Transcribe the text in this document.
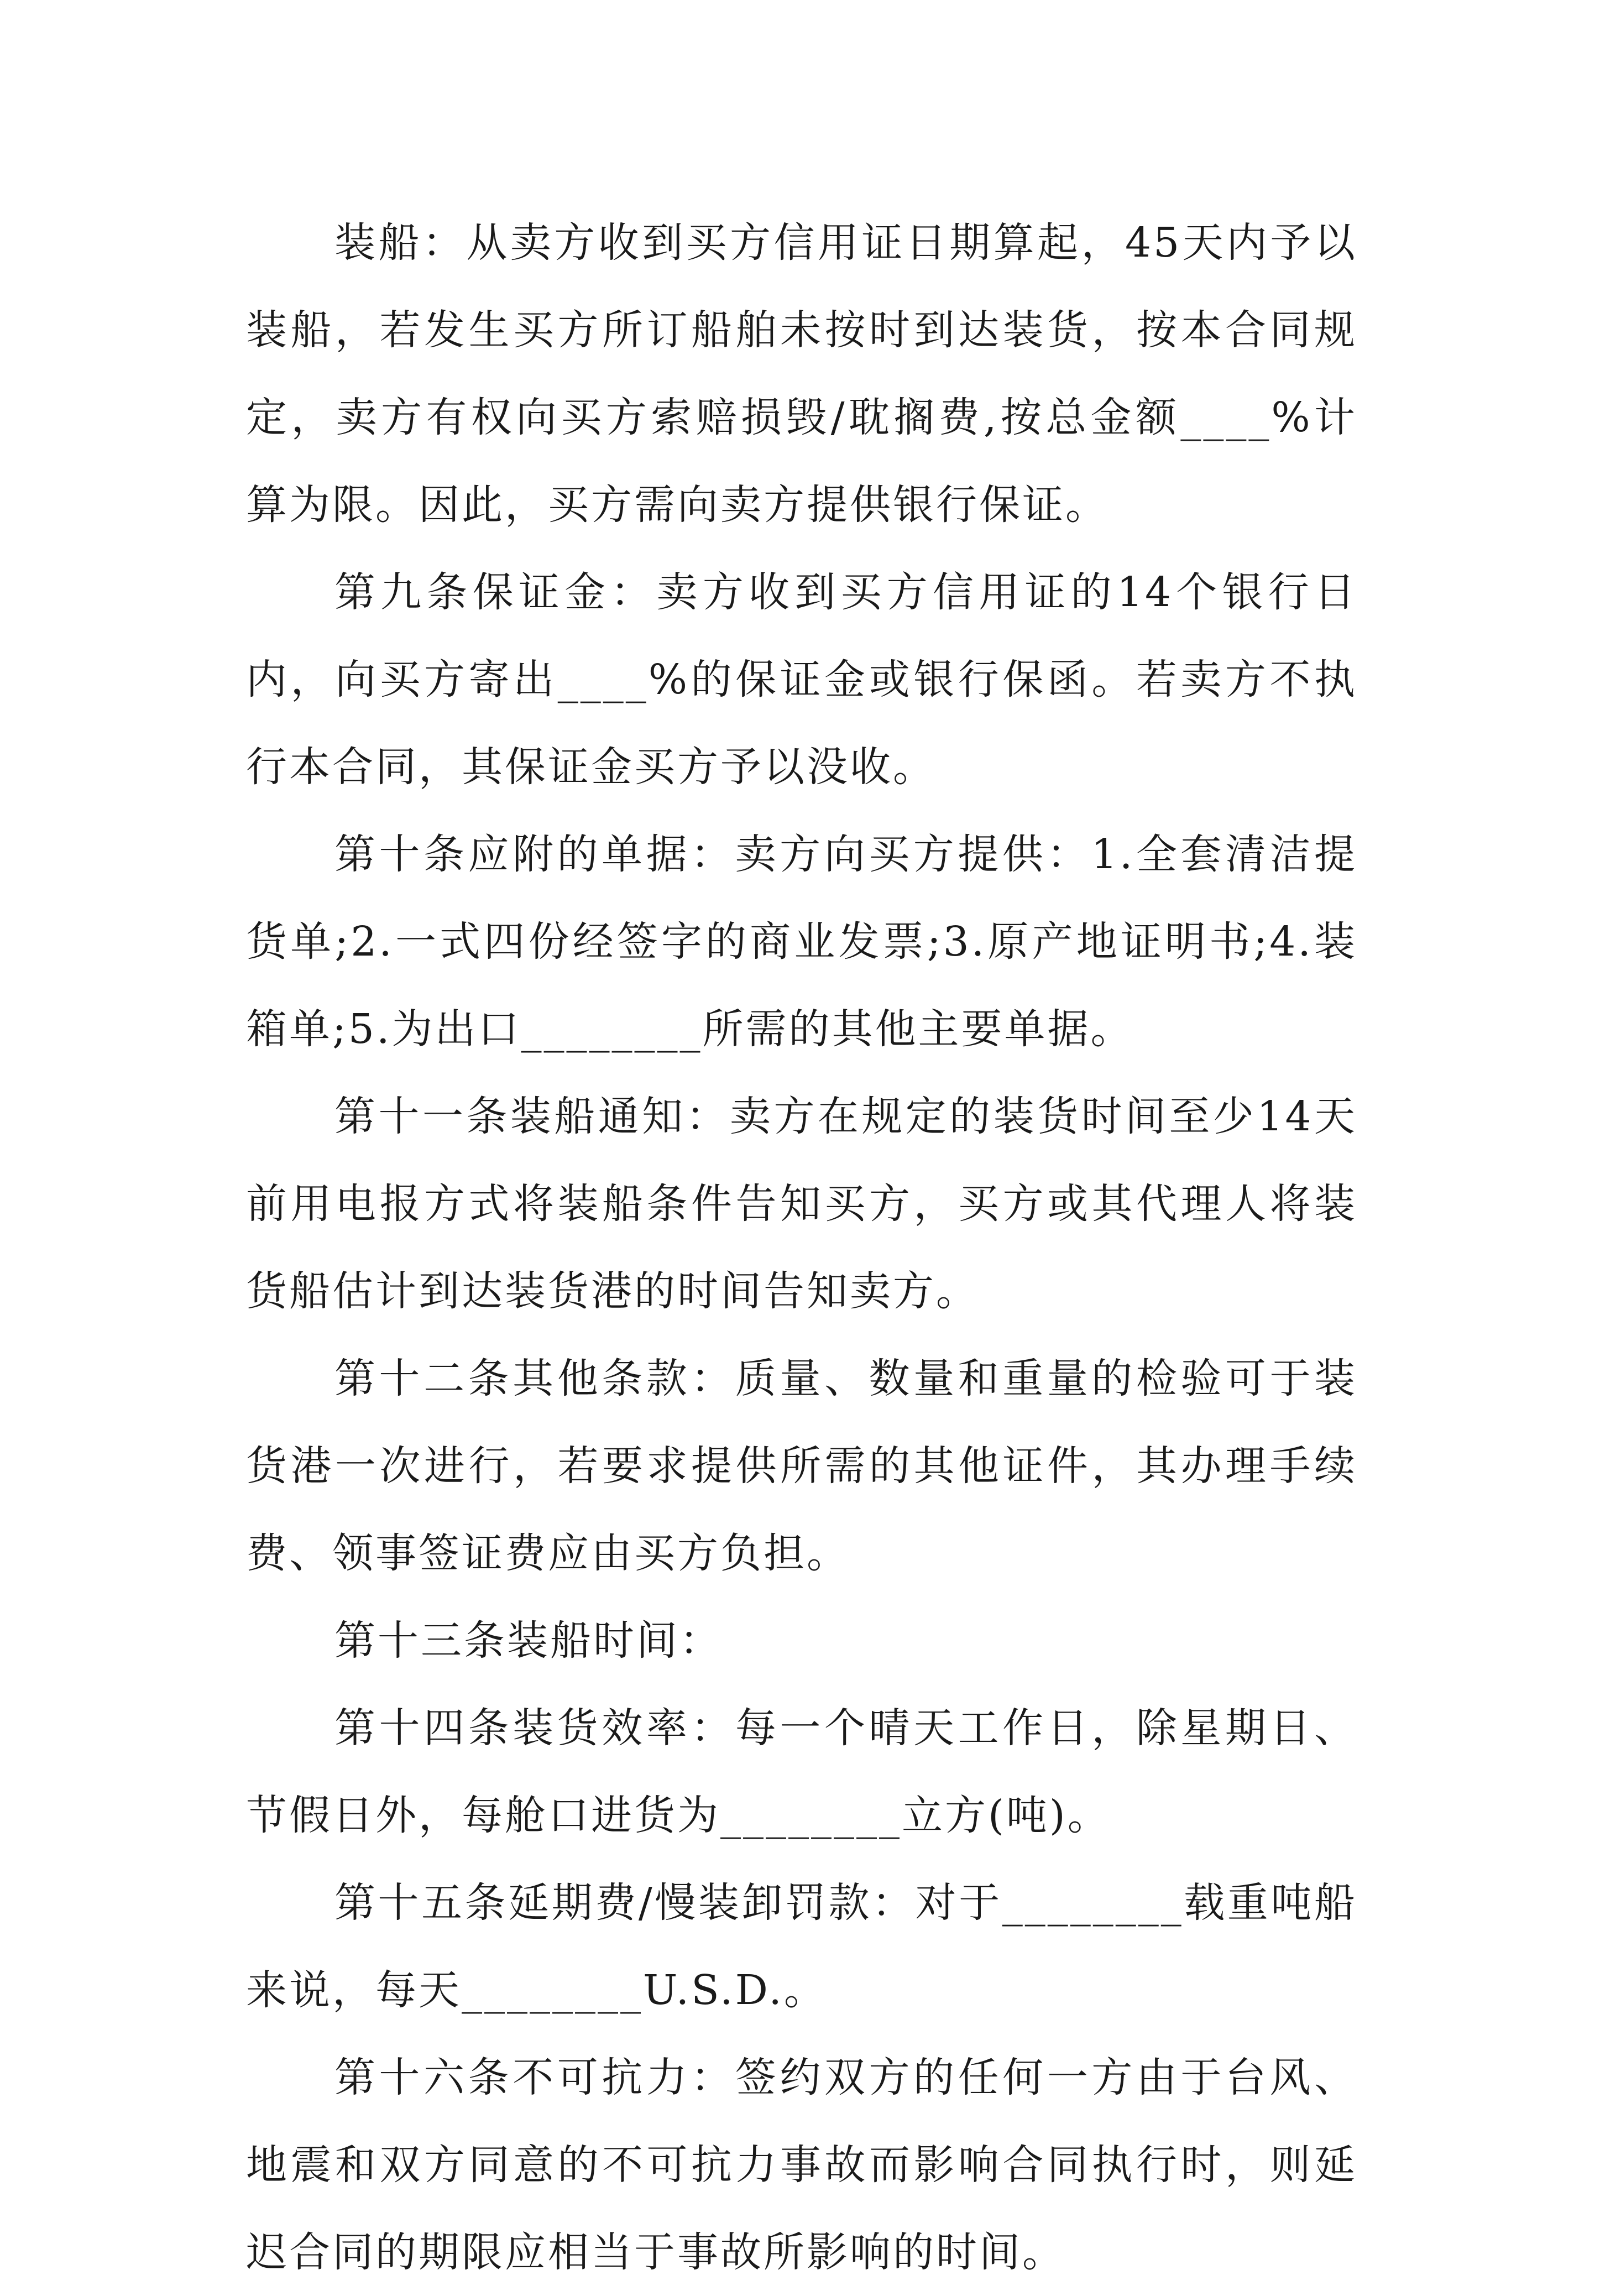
装船：从卖方收到买方信用证日期算起，45天内予以装船，若发生买方所订船舶未按时到达装货，按本合同规定，卖方有权向买方索赔损毁/耽搁费,按总金额____%计算为限。因此，买方需向卖方提供银行保证。

第九条保证金：卖方收到买方信用证的14个银行日内，向买方寄出____%的保证金或银行保函。若卖方不执行本合同，其保证金买方予以没收。

第十条应附的单据：卖方向买方提供：1.全套清洁提货单;2.一式四份经签字的商业发票;3.原产地证明书;4.装箱单;5.为出口________所需的其他主要单据。

第十一条装船通知：卖方在规定的装货时间至少14天前用电报方式将装船条件告知买方，买方或其代理人将装货船估计到达装货港的时间告知卖方。

第十二条其他条款：质量、数量和重量的检验可于装货港一次进行，若要求提供所需的其他证件，其办理手续费、领事签证费应由买方负担。

第十三条装船时间：

第十四条装货效率：每一个晴天工作日，除星期日、节假日外，每舱口进货为________立方(吨)。

第十五条延期费/慢装卸罚款：对于________载重吨船来说，每天________U.S.D.。

第十六条不可抗力：签约双方的任何一方由于台风、地震和双方同意的不可抗力事故而影响合同执行时，则延迟合同的期限应相当于事故所影响的时间。
